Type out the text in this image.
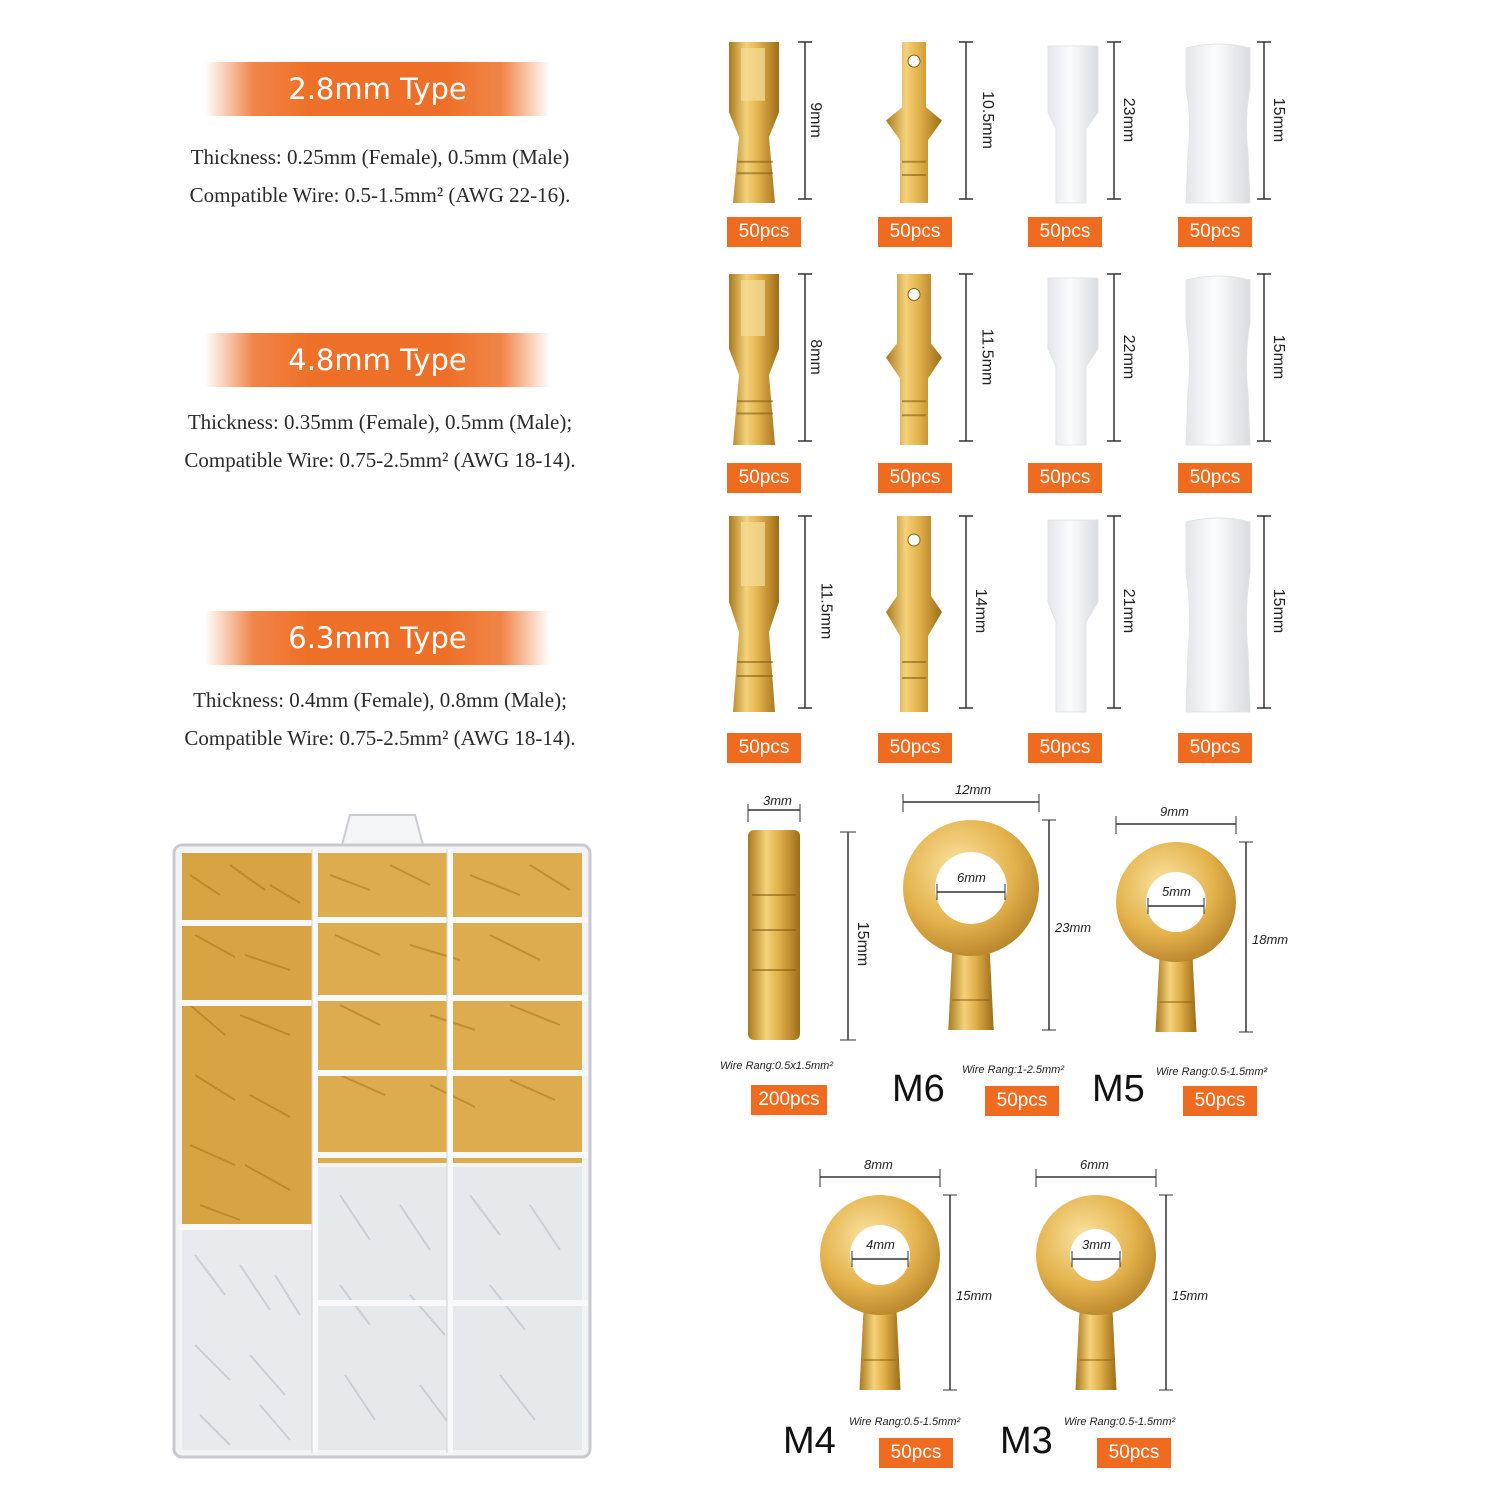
2.8mm Type
Thickness: 0.25mm (Female), 0.5mm (Male)
Compatible Wire: 0.5-1.5mm² (AWG 22-16).
4.8mm Type
Thickness: 0.35mm (Female), 0.5mm (Male);
Compatible Wire: 0.75-2.5mm² (AWG 18-14).
6.3mm Type
Thickness: 0.4mm (Female), 0.8mm (Male);
Compatible Wire: 0.75-2.5mm² (AWG 18-14).
9mm
50pcs
10.5mm
50pcs
23mm
50pcs
15mm
50pcs
8mm
50pcs
11.5mm
50pcs
22mm
50pcs
15mm
50pcs
11.5mm
50pcs
14mm
50pcs
21mm
50pcs
15mm
50pcs
3mm
15mm
Wire Rang:0.5x1.5mm²
200pcs
12mm
6mm
23mm
M6 Wire Rang:1-2.5mm²
50pcs
9mm
5mm
18mm
M5 Wire Rang:0.5-1.5mm²
50pcs
8mm
4mm
15mm
M4 Wire Rang:0.5-1.5mm²
50pcs
6mm
3mm
15mm
M3 Wire Rang:0.5-1.5mm²
50pcs
